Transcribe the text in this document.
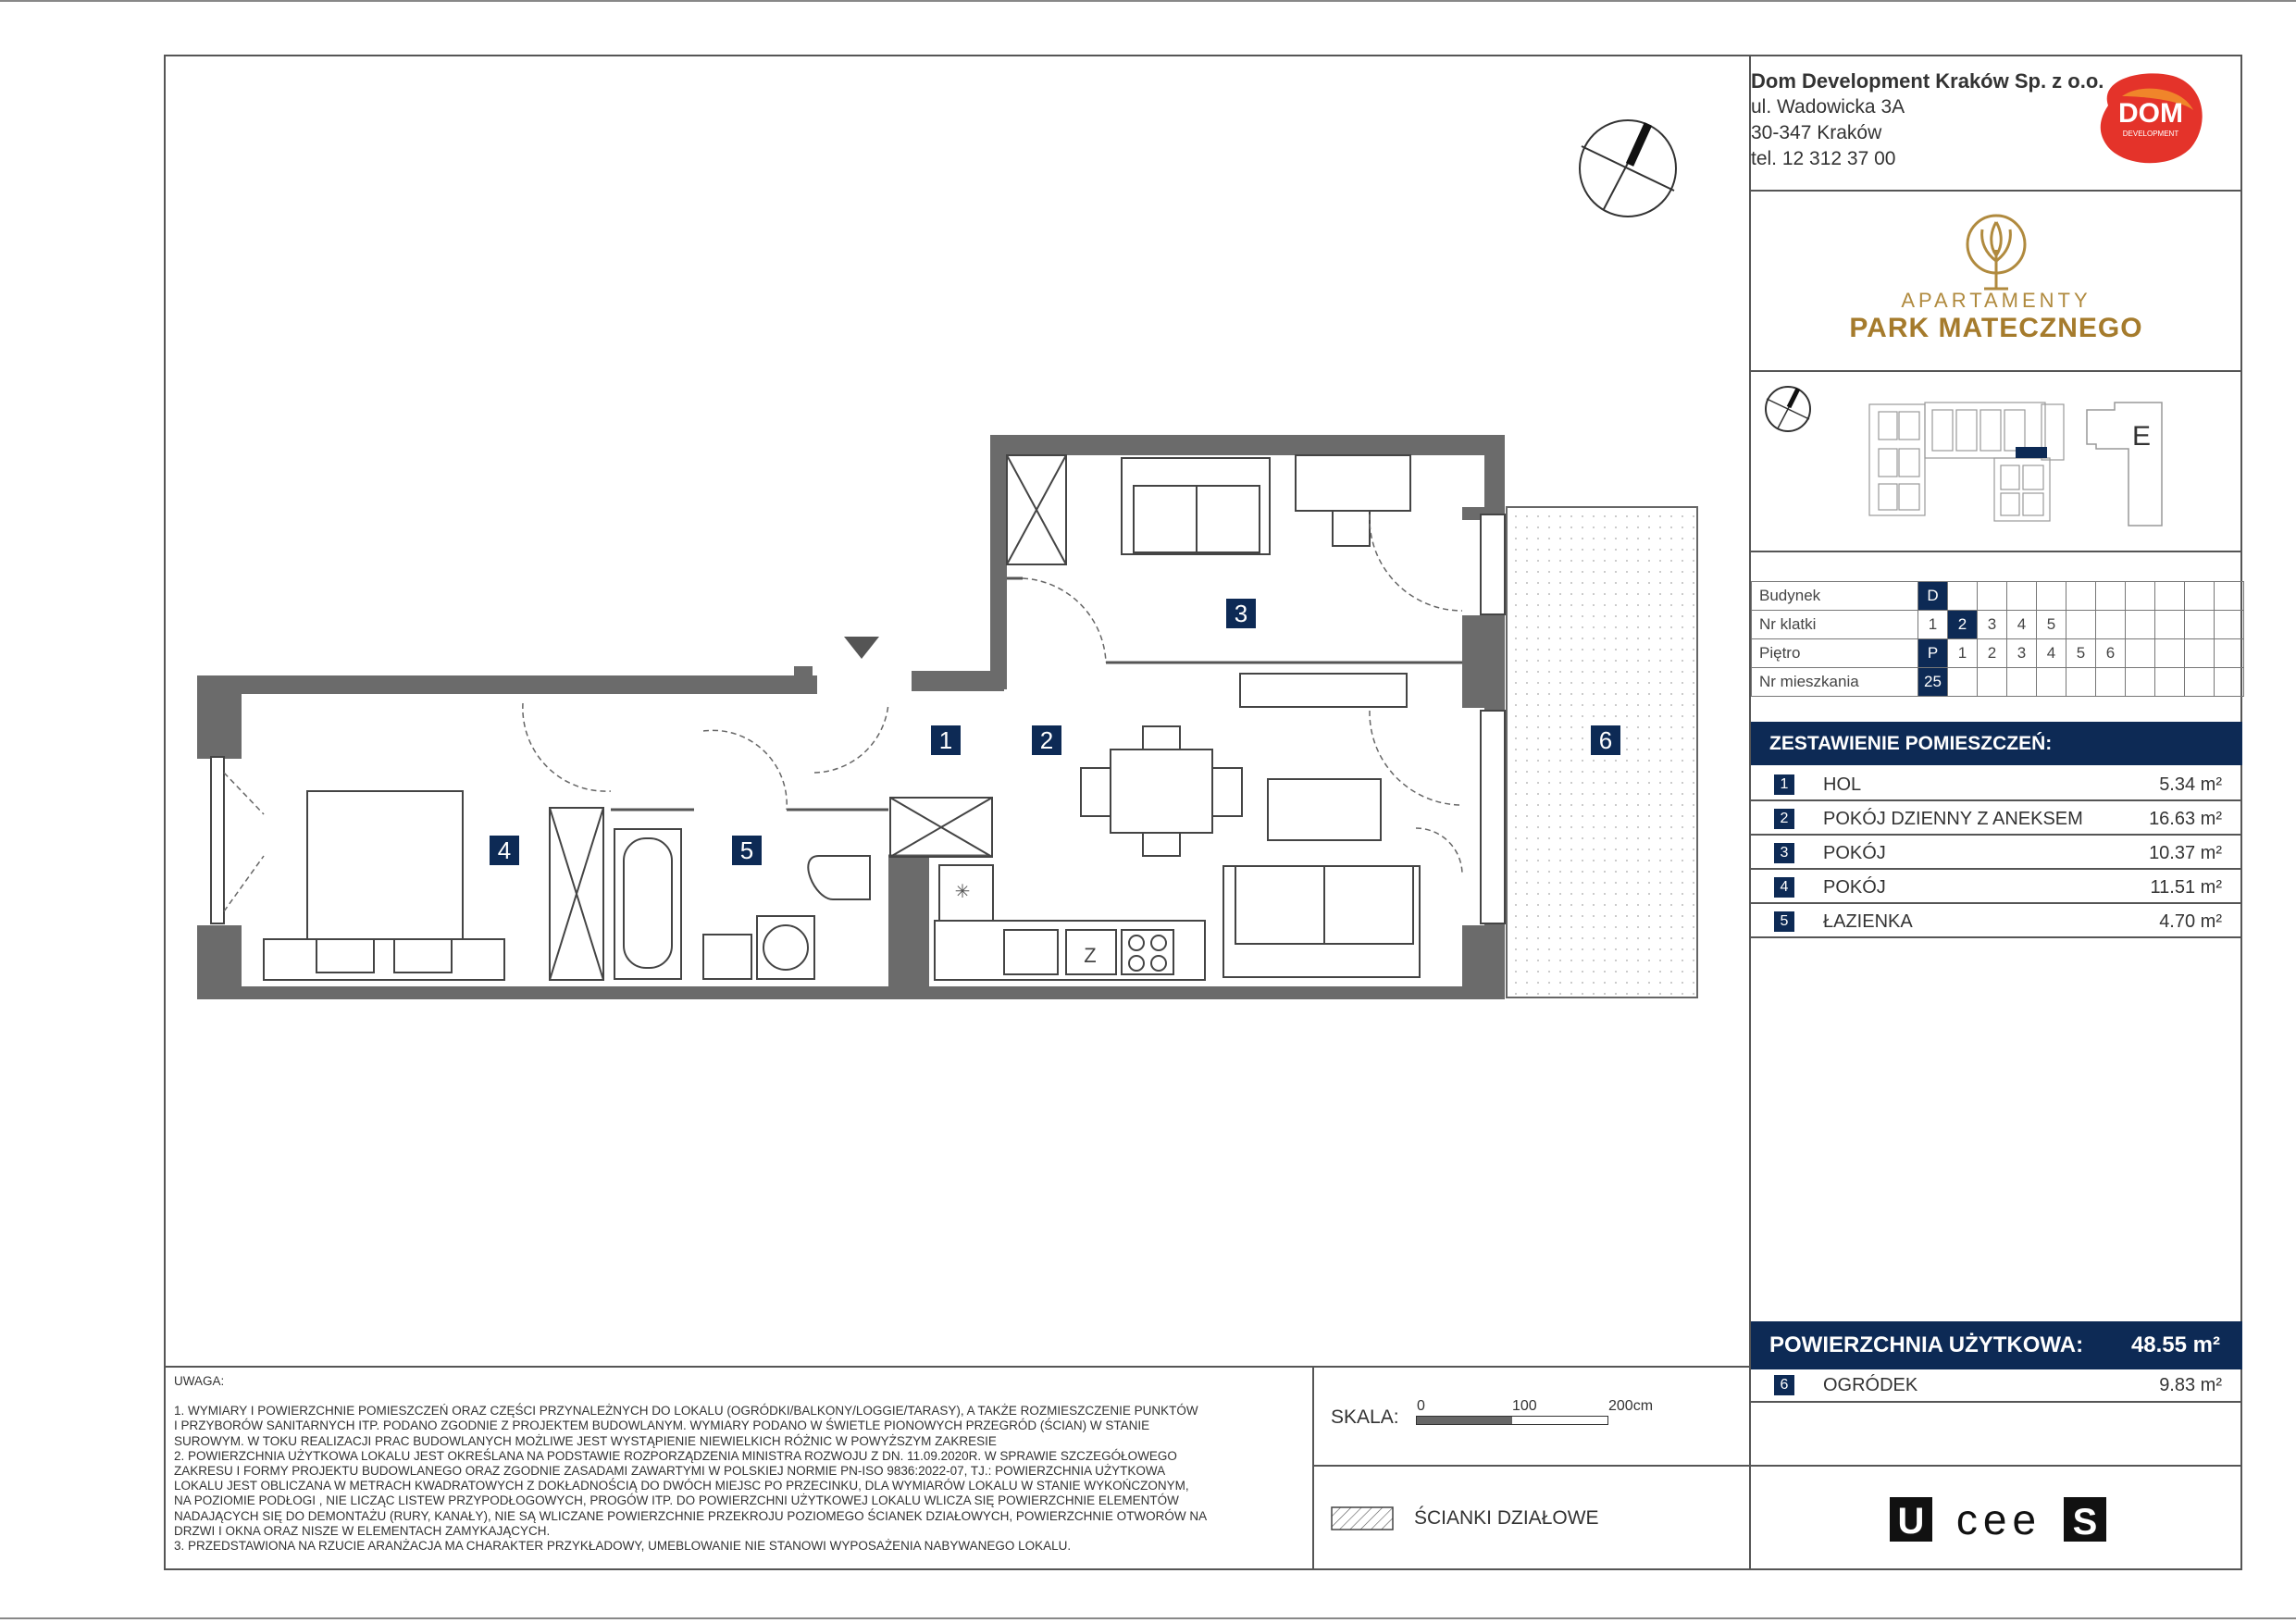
Dom Development Kraków Sp. z o.o.
ul. Wadowicka 3A
30-347 Kraków
tel. 12 312 37 00
DOM
DEVELOPMENT
APARTAMENTY
PARK MATECZNEGO
E
Budynek	D										
Nr klatki	1	2	3	4	5						
Piętro	P	1	2	3	4	5	6				
Nr mieszkania	25										
ZESTAWIENIE POMIESZCZEŃ:
1	HOL	5.34 m²
2	POKÓJ DZIENNY Z ANEKSEM	16.63 m²
3	POKÓJ	10.37 m²
4	POKÓJ	11.51 m²
5	ŁAZIENKA	4.70 m²
POWIERZCHNIA UŻYTKOWA: 48.55 m²
6	OGRÓDEK	9.83 m²
UWAGA:
1. WYMIARY I POWIERZCHNIE POMIESZCZEŃ ORAZ CZĘŚCI PRZYNALEŻNYCH DO LOKALU (OGRÓDKI/BALKONY/LOGGIE/TARASY), A TAKŻE ROZMIESZCZENIE PUNKTÓW
I PRZYBORÓW SANITARNYCH ITP. PODANO ZGODNIE Z PROJEKTEM BUDOWLANYM. WYMIARY PODANO W ŚWIETLE PIONOWYCH PRZEGRÓD (ŚCIAN) W STANIE
SUROWYM. W TOKU REALIZACJI PRAC BUDOWLANYCH MOŻLIWE JEST WYSTĄPIENIE NIEWIELKICH RÓŻNIC W POWYŻSZYM ZAKRESIE
2. POWIERZCHNIA UŻYTKOWA LOKALU JEST OKREŚLANA NA PODSTAWIE ROZPORZĄDZENIA MINISTRA ROZWOJU Z DN. 11.09.2020R. W SPRAWIE SZCZEGÓŁOWEGO
ZAKRESU I FORMY PROJEKTU BUDOWLANEGO ORAZ ZGODNIE ZASADAMI ZAWARTYMI W POLSKIEJ NORMIE PN-ISO 9836:2022-07, TJ.: POWIERZCHNIA UŻYTKOWA
LOKALU JEST OBLICZANA W METRACH KWADRATOWYCH Z DOKŁADNOŚCIĄ DO DWÓCH MIEJSC PO PRZECINKU, DLA WYMIARÓW LOKALU W STANIE WYKOŃCZONYM,
NA POZIOMIE PODŁOGI , NIE LICZĄC LISTEW PRZYPODŁOGOWYCH, PROGÓW ITP. DO POWIERZCHNI UŻYTKOWEJ LOKALU WLICZA SIĘ POWIERZCHNIE ELEMENTÓW
NADAJĄCYCH SIĘ DO DEMONTAŻU (RURY, KANAŁY), NIE SĄ WLICZANE POWIERZCHNIE PRZEKROJU POZIOMEGO ŚCIANEK DZIAŁOWYCH, POWIERZCHNIE OTWORÓW NA
DRZWI I OKNA ORAZ NISZE W ELEMENTACH ZAMYKAJĄCYCH.
3. PRZEDSTAWIONA NA RZUCIE ARANŻACJA MA CHARAKTER PRZYKŁADOWY, UMEBLOWANIE NIE STANOWI WYPOSAŻENIA NABYWANEGO LOKALU.
SKALA:
0	100	200cm
ŚCIANKI DZIAŁOWE	U cee S
✳
Z
1	2
3
4	5
6
